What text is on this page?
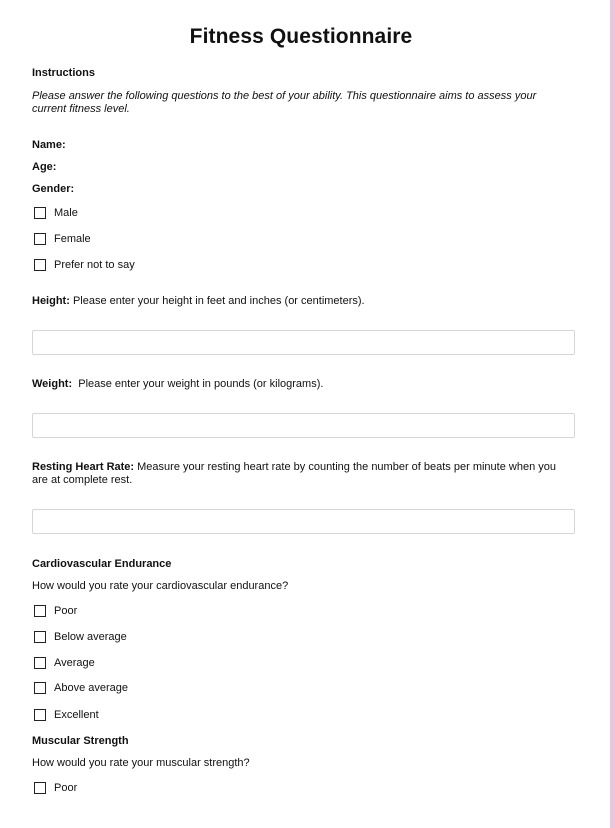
Fitness Questionnaire
Instructions
Please answer the following questions to the best of your ability. This questionnaire aims to assess your current fitness level.
Name:
Age:
Gender:
Male
Female
Prefer not to say
Height: Please enter your height in feet and inches (or centimeters).
Weight:  Please enter your weight in pounds (or kilograms).
Resting Heart Rate: Measure your resting heart rate by counting the number of beats per minute when you are at complete rest.
Cardiovascular Endurance
How would you rate your cardiovascular endurance?
Poor
Below average
Average
Above average
Excellent
Muscular Strength
How would you rate your muscular strength?
Poor
